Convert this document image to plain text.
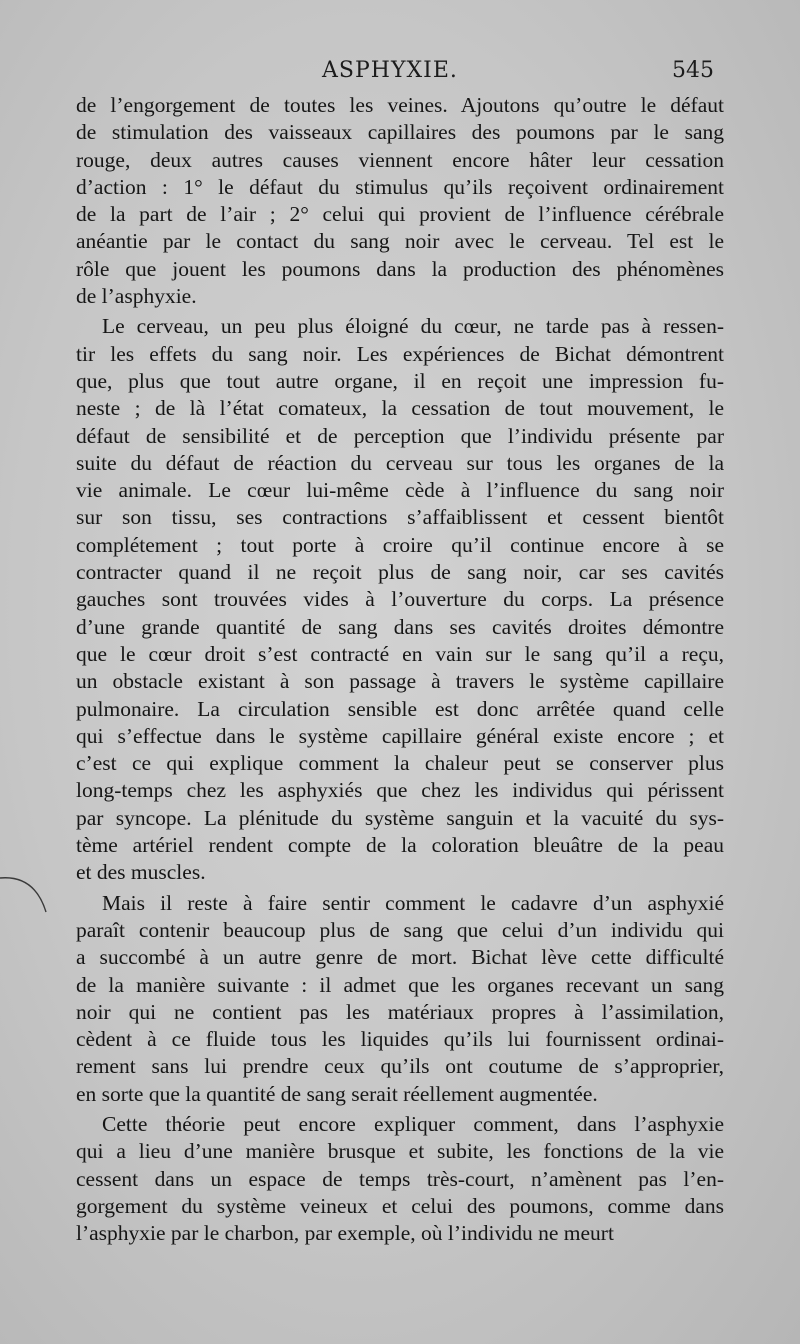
ASPHYXIE.	545
de l’engorgement de toutes les veines. Ajoutons qu’outre le défaut
de stimulation des vaisseaux capillaires des poumons par le sang
rouge, deux autres causes viennent encore hâter leur cessation
d’action : 1° le défaut du stimulus qu’ils reçoivent ordinairement
de la part de l’air ; 2° celui qui provient de l’influence cérébrale
anéantie par le contact du sang noir avec le cerveau. Tel est le
rôle que jouent les poumons dans la production des phénomènes
de l’asphyxie.
Le cerveau, un peu plus éloigné du cœur, ne tarde pas à ressen-
tir les effets du sang noir. Les expériences de Bichat démontrent
que, plus que tout autre organe, il en reçoit une impression fu-
neste ; de là l’état comateux, la cessation de tout mouvement, le
défaut de sensibilité et de perception que l’individu présente par
suite du défaut de réaction du cerveau sur tous les organes de la
vie animale. Le cœur lui-même cède à l’influence du sang noir
sur son tissu, ses contractions s’affaiblissent et cessent bientôt
complétement ; tout porte à croire qu’il continue encore à se
contracter quand il ne reçoit plus de sang noir, car ses cavités
gauches sont trouvées vides à l’ouverture du corps. La présence
d’une grande quantité de sang dans ses cavités droites démontre
que le cœur droit s’est contracté en vain sur le sang qu’il a reçu,
un obstacle existant à son passage à travers le système capillaire
pulmonaire. La circulation sensible est donc arrêtée quand celle
qui s’effectue dans le système capillaire général existe encore ; et
c’est ce qui explique comment la chaleur peut se conserver plus
long-temps chez les asphyxiés que chez les individus qui périssent
par syncope. La plénitude du système sanguin et la vacuité du sys-
tème artériel rendent compte de la coloration bleuâtre de la peau
et des muscles.
Mais il reste à faire sentir comment le cadavre d’un asphyxié
paraît contenir beaucoup plus de sang que celui d’un individu qui
a succombé à un autre genre de mort. Bichat lève cette difficulté
de la manière suivante : il admet que les organes recevant un sang
noir qui ne contient pas les matériaux propres à l’assimilation,
cèdent à ce fluide tous les liquides qu’ils lui fournissent ordinai-
rement sans lui prendre ceux qu’ils ont coutume de s’approprier,
en sorte que la quantité de sang serait réellement augmentée.
Cette théorie peut encore expliquer comment, dans l’asphyxie
qui a lieu d’une manière brusque et subite, les fonctions de la vie
cessent dans un espace de temps très-court, n’amènent pas l’en-
gorgement du système veineux et celui des poumons, comme dans
l’asphyxie par le charbon, par exemple, où l’individu ne meurt
